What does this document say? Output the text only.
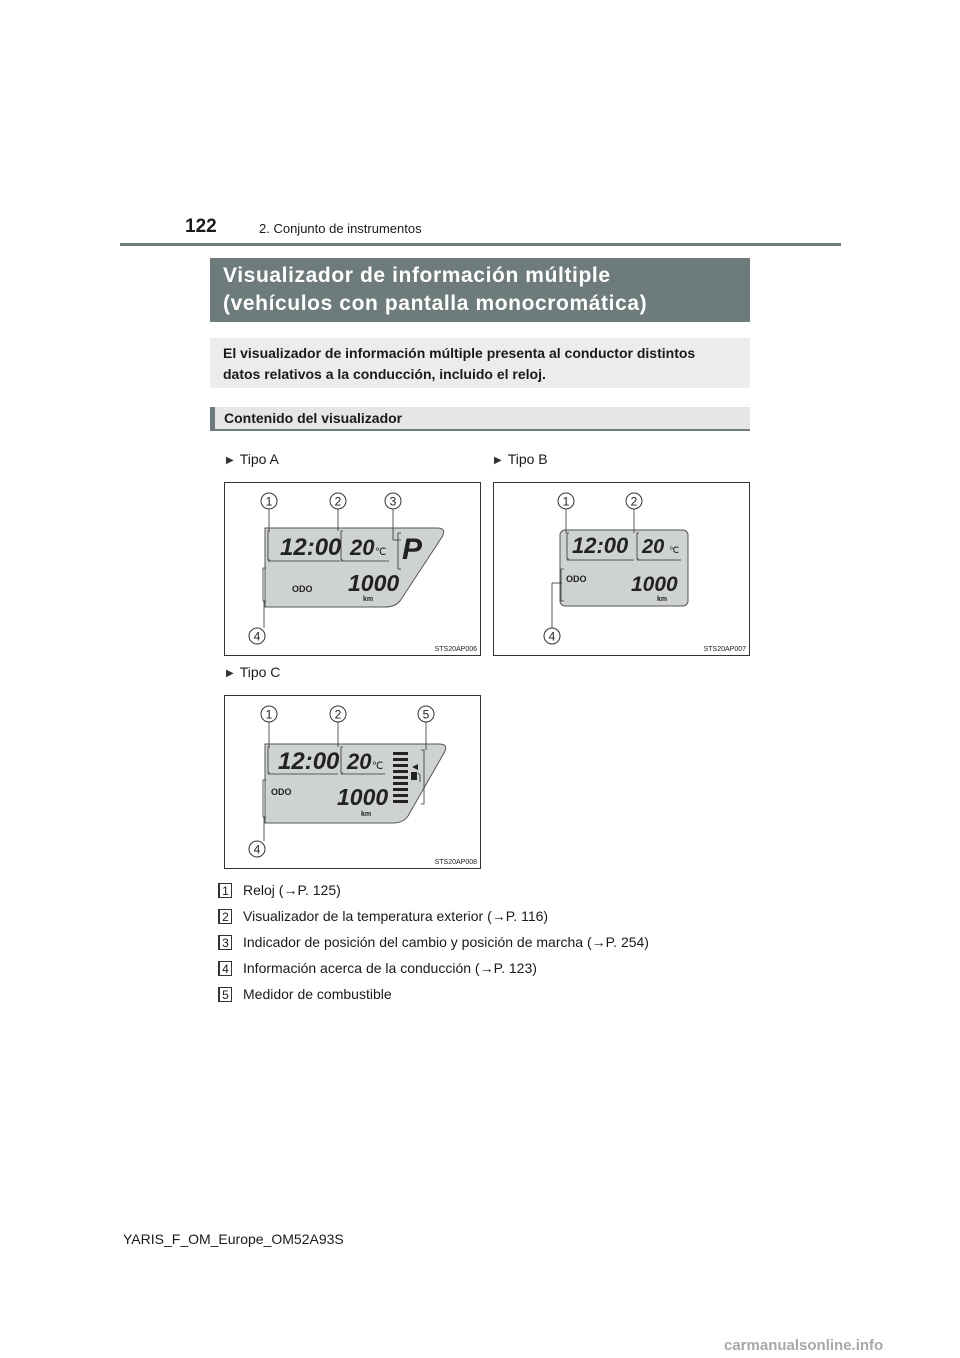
122	2. Conjunto de instrumentos
Visualizador de información múltiple
(vehículos con pantalla monocromática)
El visualizador de información múltiple presenta al conductor distintos
datos relativos a la conducción, incluido el reloj.
Contenido del visualizador
▶ Tipo A	▶ Tipo B
▶ Tipo C
12:00 20 ℃ P
ODO 1000
km
1	2	3
4
STS20AP006
12:00 20 ℃
ODO 1000
km
1	2
4
STS20AP007
12:00 20 ℃
ODO 1000
km
1	2	5
4
STS20AP008
1 Reloj (→P. 125)
2 Visualizador de la temperatura exterior (→P. 116)
3 Indicador de posición del cambio y posición de marcha (→P. 254)
4 Información acerca de la conducción (→P. 123)
5 Medidor de combustible
YARIS_F_OM_Europe_OM52A93S
carmanualsonline.info
